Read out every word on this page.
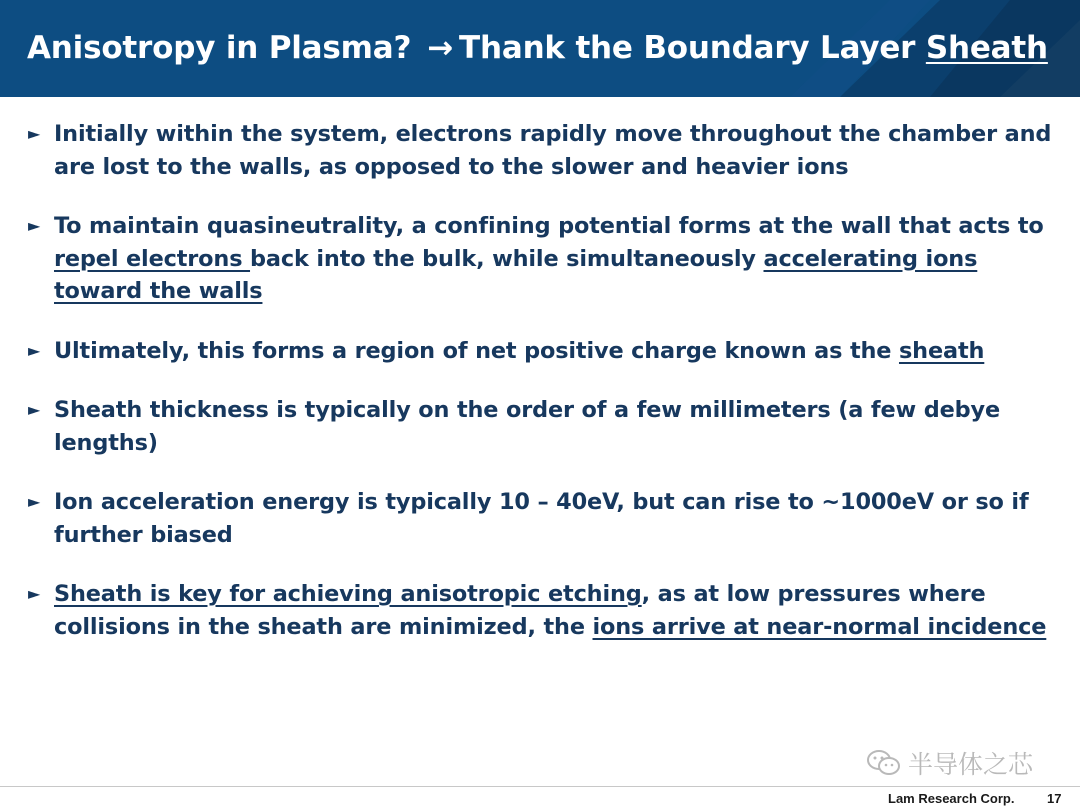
Anisotropy in Plasma? → Thank the Boundary Layer Sheath
► Initially within the system, electrons rapidly move throughout the chamber and are lost to the walls, as opposed to the slower and heavier ions
► To maintain quasineutrality, a confining potential forms at the wall that acts to repel electrons back into the bulk, while simultaneously accelerating ions toward the walls
► Ultimately, this forms a region of net positive charge known as the sheath
► Sheath thickness is typically on the order of a few millimeters (a few debye lengths)
► Ion acceleration energy is typically 10 – 40eV, but can rise to ~1000eV or so if further biased
► Sheath is key for achieving anisotropic etching, as at low pressures where collisions in the sheath are minimized, the ions arrive at near-normal incidence
半导体之芯
Lam Research Corp.	17
